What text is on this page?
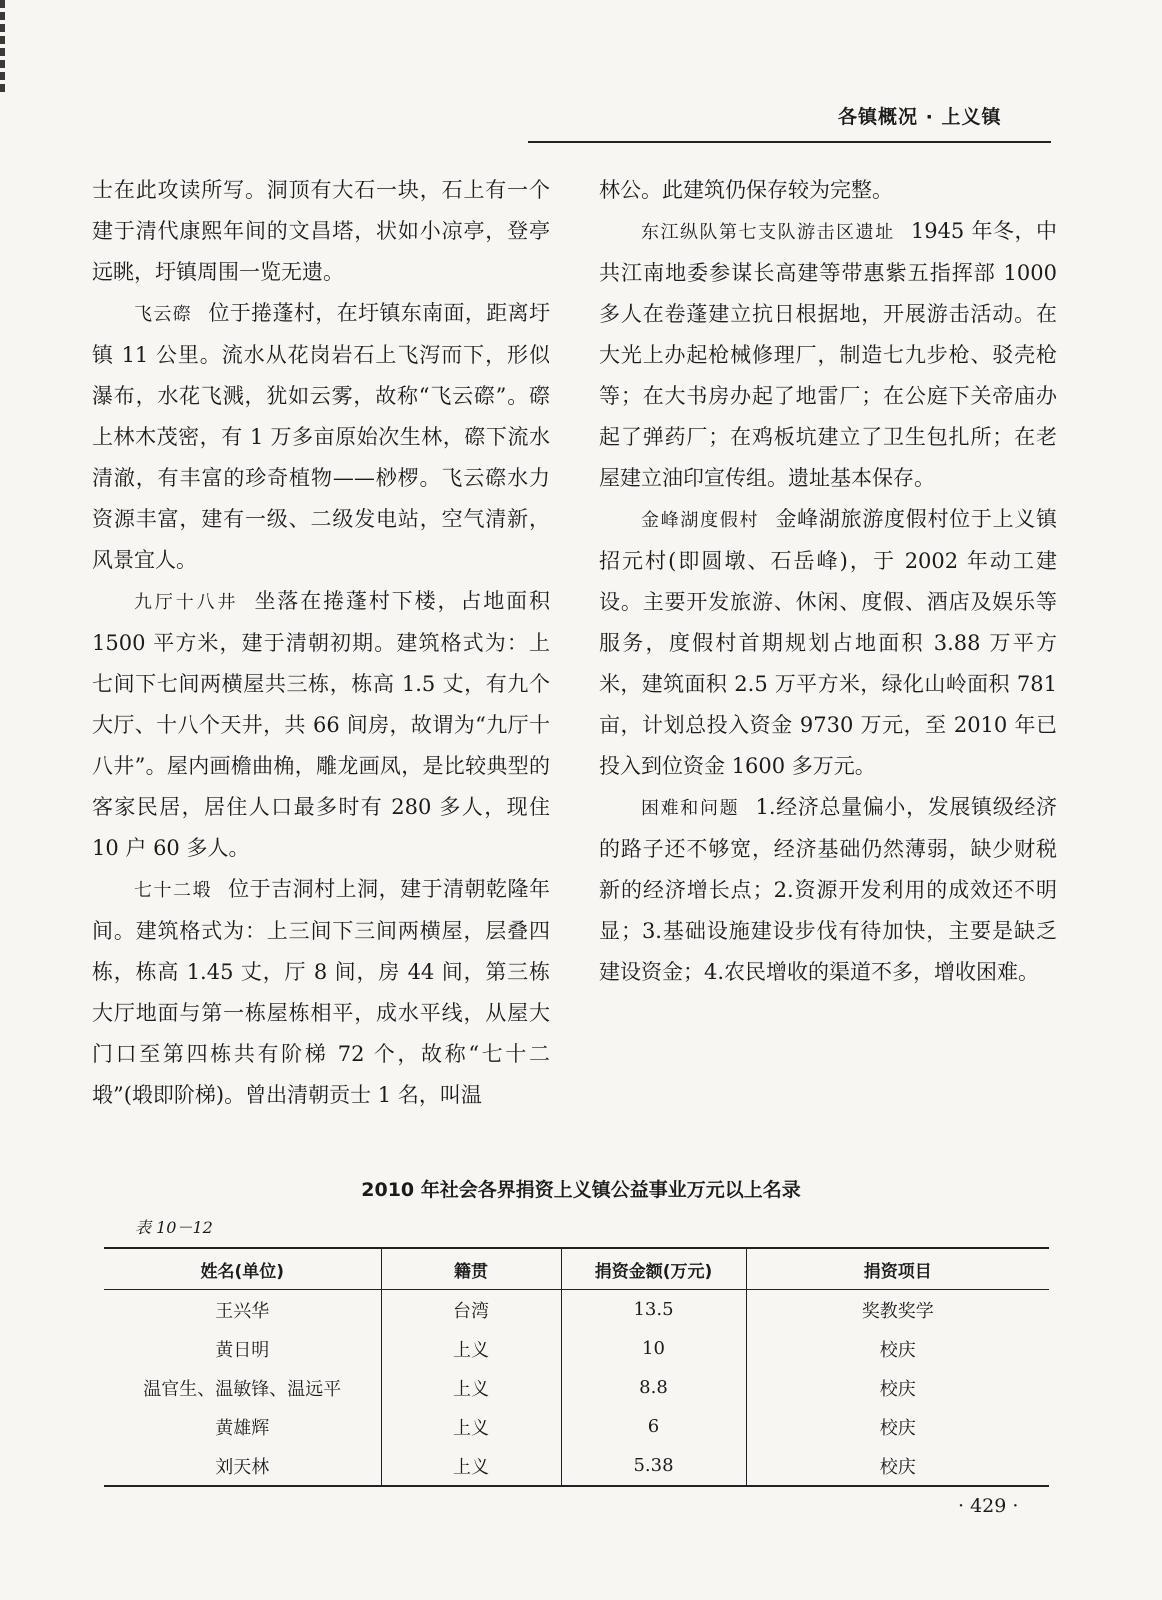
各镇概况 · 上义镇

士在此攻读所写。洞顶有大石一块，石上有一个建于清代康熙年间的文昌塔，状如小凉亭，登亭远眺，圩镇周围一览无遗。

飞云磜 位于捲蓬村，在圩镇东南面，距离圩镇 11 公里。流水从花岗岩石上飞泻而下，形似瀑布，水花飞溅，犹如云雾，故称“飞云磜”。磜上林木茂密，有 1 万多亩原始次生林，磜下流水清澈，有丰富的珍奇植物——桫椤。飞云磜水力资源丰富，建有一级、二级发电站，空气清新，风景宜人。

九厅十八井 坐落在捲蓬村下楼，占地面积 1500 平方米，建于清朝初期。建筑格式为：上七间下七间两横屋共三栋，栋高 1.5 丈，有九个大厅、十八个天井，共 66 间房，故谓为“九厅十八井”。屋内画檐曲桷，雕龙画凤，是比较典型的客家民居，居住人口最多时有 280 多人，现住 10 户 60 多人。

七十二塅 位于吉洞村上洞，建于清朝乾隆年间。建筑格式为：上三间下三间两横屋，层叠四栋，栋高 1.45 丈，厅 8 间，房 44 间，第三栋大厅地面与第一栋屋栋相平，成水平线，从屋大门口至第四栋共有阶梯 72 个，故称“七十二塅”(塅即阶梯)。曾出清朝贡士 1 名，叫温

林公。此建筑仍保存较为完整。

东江纵队第七支队游击区遗址 1945 年冬，中共江南地委参谋长高建等带惠紫五指挥部 1000 多人在卷蓬建立抗日根据地，开展游击活动。在大光上办起枪械修理厂，制造七九步枪、驳壳枪等；在大书房办起了地雷厂；在公庭下关帝庙办起了弹药厂；在鸡板坑建立了卫生包扎所；在老屋建立油印宣传组。遗址基本保存。

金峰湖度假村 金峰湖旅游度假村位于上义镇招元村(即圆墩、石岳峰)，于 2002 年动工建设。主要开发旅游、休闲、度假、酒店及娱乐等服务，度假村首期规划占地面积 3.88 万平方米，建筑面积 2.5 万平方米，绿化山岭面积 781 亩，计划总投入资金 9730 万元，至 2010 年已投入到位资金 1600 多万元。

困难和问题 1.经济总量偏小，发展镇级经济的路子还不够宽，经济基础仍然薄弱，缺少财税新的经济增长点；2.资源开发利用的成效还不明显；3.基础设施建设步伐有待加快，主要是缺乏建设资金；4.农民增收的渠道不多，增收困难。

2010 年社会各界捐资上义镇公益事业万元以上名录
表 10－12
姓名(单位)	籍贯	捐资金额(万元)	捐资项目
王兴华	台湾	13.5	奖教奖学
黄日明	上义	10	校庆
温官生、温敏锋、温远平	上义	8.8	校庆
黄雄辉	上义	6	校庆
刘天林	上义	5.38	校庆
· 429 ·
